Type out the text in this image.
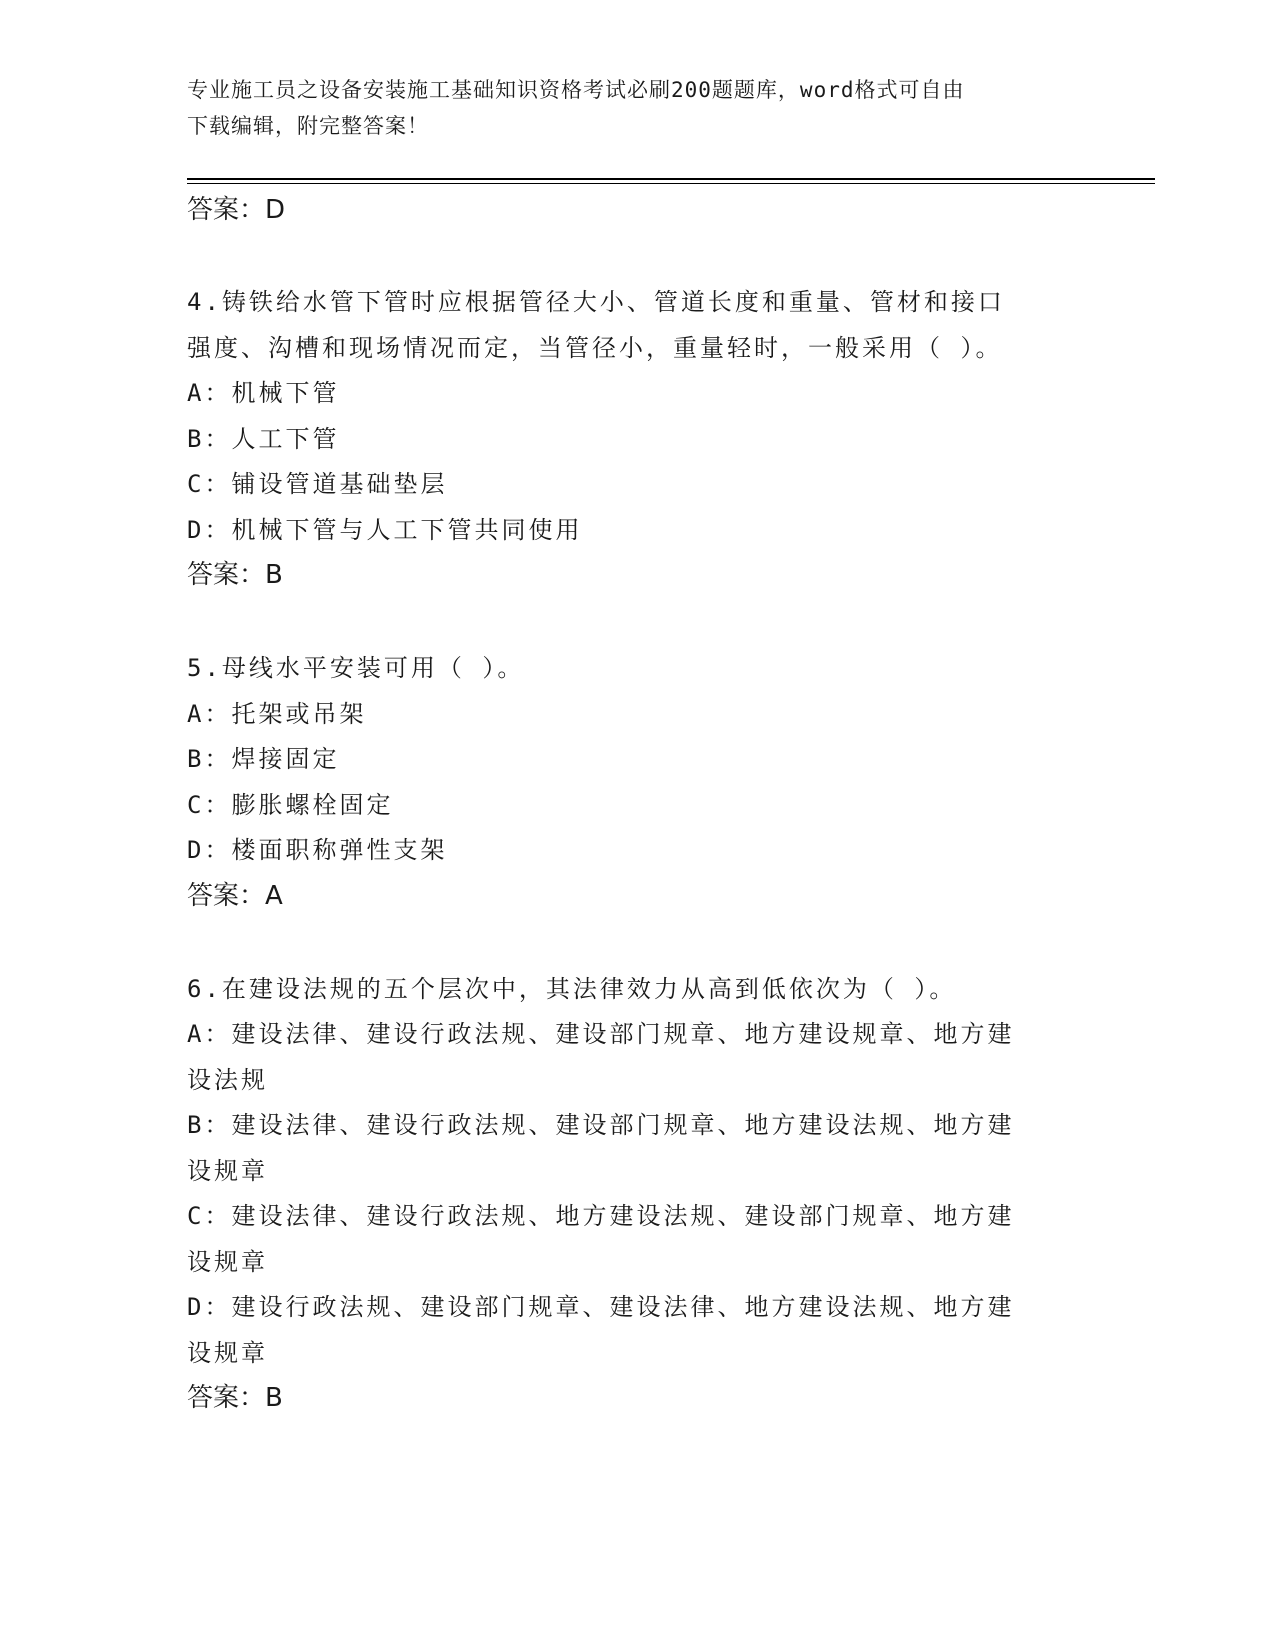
专业施工员之设备安装施工基础知识资格考试必刷200题题库，word格式可自由
下载编辑，附完整答案！
答案：D
4.铸铁给水管下管时应根据管径大小、管道长度和重量、管材和接口
强度、沟槽和现场情况而定，当管径小，重量轻时，一般采用（ ）。
A：机械下管
B：人工下管
C：铺设管道基础垫层
D：机械下管与人工下管共同使用
答案：B
5.母线水平安装可用（ ）。
A：托架或吊架
B：焊接固定
C：膨胀螺栓固定
D：楼面职称弹性支架
答案：A
6.在建设法规的五个层次中，其法律效力从高到低依次为（ ）。
A：建设法律、建设行政法规、建设部门规章、地方建设规章、地方建
设法规
B：建设法律、建设行政法规、建设部门规章、地方建设法规、地方建
设规章
C：建设法律、建设行政法规、地方建设法规、建设部门规章、地方建
设规章
D：建设行政法规、建设部门规章、建设法律、地方建设法规、地方建
设规章
答案：B
